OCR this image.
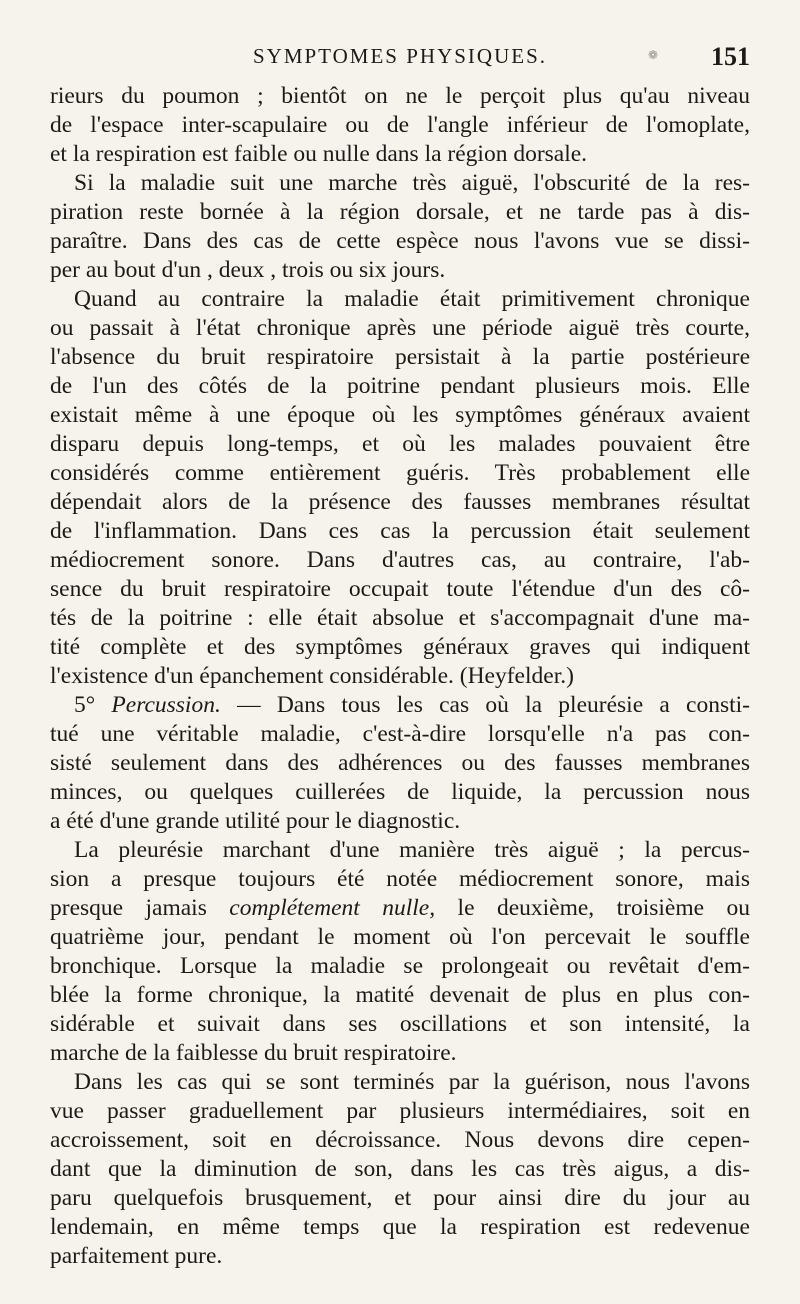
❁
SYMPTOMES PHYSIQUES.	151
rieurs du poumon ; bientôt on ne le perçoit plus qu'au niveau
de l'espace inter-scapulaire ou de l'angle inférieur de l'omoplate,
et la respiration est faible ou nulle dans la région dorsale.
Si la maladie suit une marche très aiguë, l'obscurité de la res-
piration reste bornée à la région dorsale, et ne tarde pas à dis-
paraître. Dans des cas de cette espèce nous l'avons vue se dissi-
per au bout d'un , deux , trois ou six jours.
Quand au contraire la maladie était primitivement chronique
ou passait à l'état chronique après une période aiguë très courte,
l'absence du bruit respiratoire persistait à la partie postérieure
de l'un des côtés de la poitrine pendant plusieurs mois. Elle
existait même à une époque où les symptômes généraux avaient
disparu depuis long-temps, et où les malades pouvaient être
considérés comme entièrement guéris. Très probablement elle
dépendait alors de la présence des fausses membranes résultat
de l'inflammation. Dans ces cas la percussion était seulement
médiocrement sonore. Dans d'autres cas, au contraire, l'ab-
sence du bruit respiratoire occupait toute l'étendue d'un des cô-
tés de la poitrine : elle était absolue et s'accompagnait d'une ma-
tité complète et des symptômes généraux graves qui indiquent
l'existence d'un épanchement considérable. (Heyfelder.)
5° Percussion. — Dans tous les cas où la pleurésie a consti-
tué une véritable maladie, c'est-à-dire lorsqu'elle n'a pas con-
sisté seulement dans des adhérences ou des fausses membranes
minces, ou quelques cuillerées de liquide, la percussion nous
a été d'une grande utilité pour le diagnostic.
La pleurésie marchant d'une manière très aiguë ; la percus-
sion a presque toujours été notée médiocrement sonore, mais
presque jamais complétement nulle, le deuxième, troisième ou
quatrième jour, pendant le moment où l'on percevait le souffle
bronchique. Lorsque la maladie se prolongeait ou revêtait d'em-
blée la forme chronique, la matité devenait de plus en plus con-
sidérable et suivait dans ses oscillations et son intensité, la
marche de la faiblesse du bruit respiratoire.
Dans les cas qui se sont terminés par la guérison, nous l'avons
vue passer graduellement par plusieurs intermédiaires, soit en
accroissement, soit en décroissance. Nous devons dire cepen-
dant que la diminution de son, dans les cas très aigus, a dis-
paru quelquefois brusquement, et pour ainsi dire du jour au
lendemain, en même temps que la respiration est redevenue
parfaitement pure.
